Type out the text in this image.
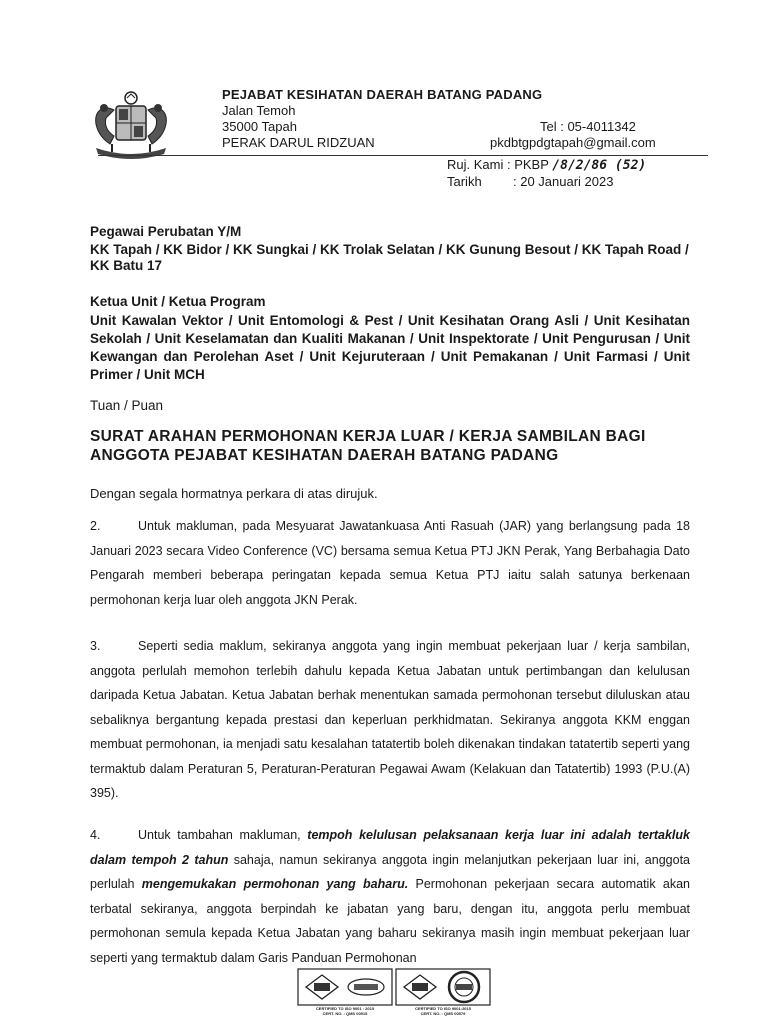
PEJABAT KESIHATAN DAERAH BATANG PADANG
Jalan Temoh
35000 Tapah
PERAK DARUL RIDZUAN
Tel : 05-4011342
pkdbtgpdgtapah@gmail.com
Ruj. Kami : PKBP /8/2/86 (52)
Tarikh : 20 Januari 2023
Pegawai Perubatan Y/M
KK Tapah / KK Bidor / KK Sungkai / KK Trolak Selatan / KK Gunung Besout / KK Tapah Road / KK Batu 17
Ketua Unit / Ketua Program
Unit Kawalan Vektor / Unit Entomologi & Pest / Unit Kesihatan Orang Asli / Unit Kesihatan Sekolah / Unit Keselamatan dan Kualiti Makanan / Unit Inspektorate / Unit Pengurusan / Unit Kewangan dan Perolehan Aset / Unit Kejuruteraan / Unit Pemakanan / Unit Farmasi / Unit Primer / Unit MCH
Tuan / Puan
SURAT ARAHAN PERMOHONAN KERJA LUAR / KERJA SAMBILAN BAGI ANGGOTA PEJABAT KESIHATAN DAERAH BATANG PADANG
Dengan segala hormatnya perkara di atas dirujuk.
2.	Untuk makluman, pada Mesyuarat Jawatankuasa Anti Rasuah (JAR) yang berlangsung pada 18 Januari 2023 secara Video Conference (VC) bersama semua Ketua PTJ JKN Perak, Yang Berbahagia Dato Pengarah memberi beberapa peringatan kepada semua Ketua PTJ iaitu salah satunya berkenaan permohonan kerja luar oleh anggota JKN Perak.
3.	Seperti sedia maklum, sekiranya anggota yang ingin membuat pekerjaan luar / kerja sambilan, anggota perlulah memohon terlebih dahulu kepada Ketua Jabatan untuk pertimbangan dan kelulusan daripada Ketua Jabatan. Ketua Jabatan berhak menentukan samada permohonan tersebut diluluskan atau sebaliknya bergantung kepada prestasi dan keperluan perkhidmatan. Sekiranya anggota KKM enggan membuat permohonan, ia menjadi satu kesalahan tatatertib boleh dikenakan tindakan tatatertib seperti yang termaktub dalam Peraturan 5, Peraturan-Peraturan Pegawai Awam (Kelakuan dan Tatatertib) 1993 (P.U.(A) 395).
4.	Untuk tambahan makluman, tempoh kelulusan pelaksanaan kerja luar ini adalah tertakluk dalam tempoh 2 tahun sahaja, namun sekiranya anggota ingin melanjutkan pekerjaan luar ini, anggota perlulah mengemukakan permohonan yang baharu. Permohonan pekerjaan secara automatik akan terbatal sekiranya, anggota berpindah ke jabatan yang baru, dengan itu, anggota perlu membuat permohonan semula kepada Ketua Jabatan yang baharu sekiranya masih ingin membuat pekerjaan luar seperti yang termaktub dalam Garis Panduan Permohonan
CERTIFIED TO ISO 9001 : 2015
CERT. NO. : QMS 00915
CERTIFIED TO ISO 9001:2015
CERT. NO. : QMS 00579
